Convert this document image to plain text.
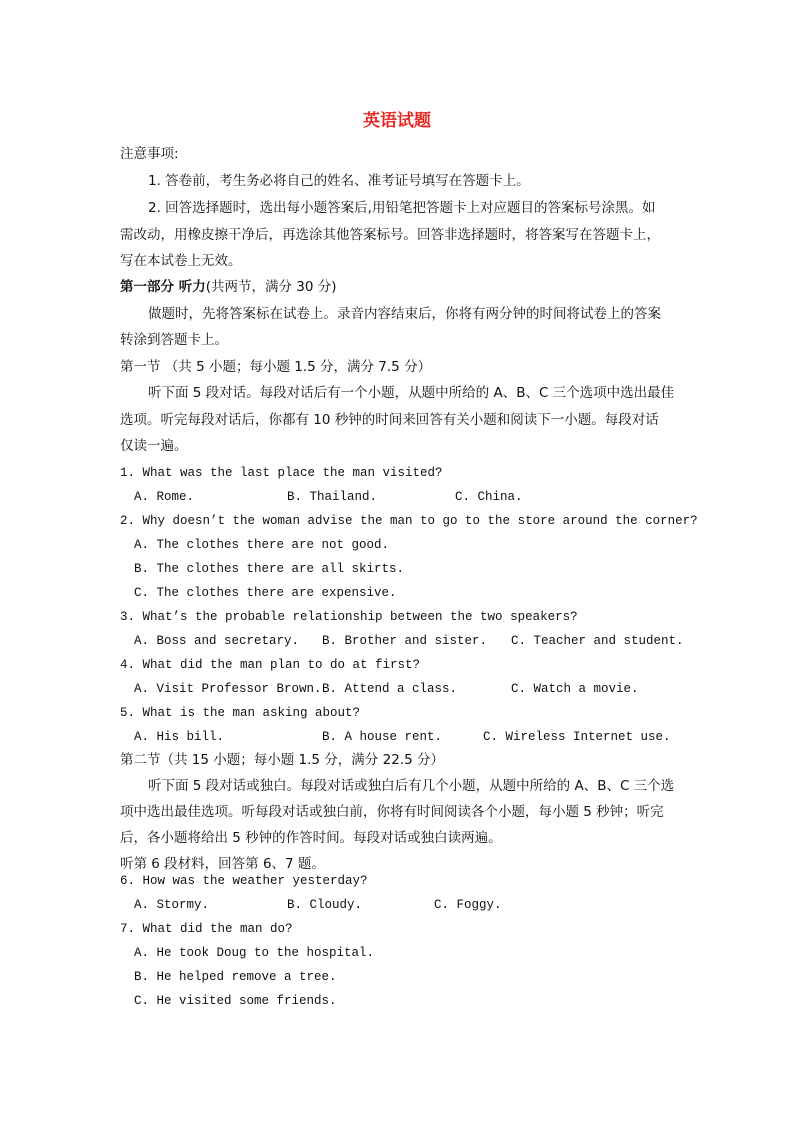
英语试题
注意事项:
1. 答卷前，考生务必将自己的姓名、准考证号填写在答题卡上。
2. 回答选择题时，选出每小题答案后,用铅笔把答题卡上对应题目的答案标号涂黑。如
需改动，用橡皮擦干净后，再选涂其他答案标号。回答非选择题时，将答案写在答题卡上，
写在本试卷上无效。
第一部分 听力(共两节，满分 30 分)
做题时，先将答案标在试卷上。录音内容结束后，你将有两分钟的时间将试卷上的答案
转涂到答题卡上。
第一节 （共 5 小题；每小题 1.5 分，满分 7.5 分）
听下面 5 段对话。每段对话后有一个小题，从题中所给的 A、B、C 三个选项中选出最佳
选项。听完每段对话后，你都有 10 秒钟的时间来回答有关小题和阅读下一小题。每段对话
仅读一遍。
1. What was the last place the man visited?
A. Rome.	B. Thailand.	C. China.
2. Why doesn’t the woman advise the man to go to the store around the corner?
A. The clothes there are not good.
B. The clothes there are all skirts.
C. The clothes there are expensive.
3. What’s the probable relationship between the two speakers?
A. Boss and secretary. B. Brother and sister. C. Teacher and student.
4. What did the man plan to do at first?
A. Visit Professor Brown. B. Attend a class.	C. Watch a movie.
5. What is the man asking about?
A. His bill.	B. A house rent.	C. Wireless Internet use.
第二节（共 15 小题；每小题 1.5 分，满分 22.5 分）
听下面 5 段对话或独白。每段对话或独白后有几个小题，从题中所给的 A、B、C 三个选
项中选出最佳选项。听每段对话或独白前，你将有时间阅读各个小题，每小题 5 秒钟；听完
后，各小题将给出 5 秒钟的作答时间。每段对话或独白读两遍。
听第 6 段材料，回答第 6、7 题。
6. How was the weather yesterday?
A. Stormy.	B. Cloudy.	C. Foggy.
7. What did the man do?
A. He took Doug to the hospital.
B. He helped remove a tree.
C. He visited some friends.
